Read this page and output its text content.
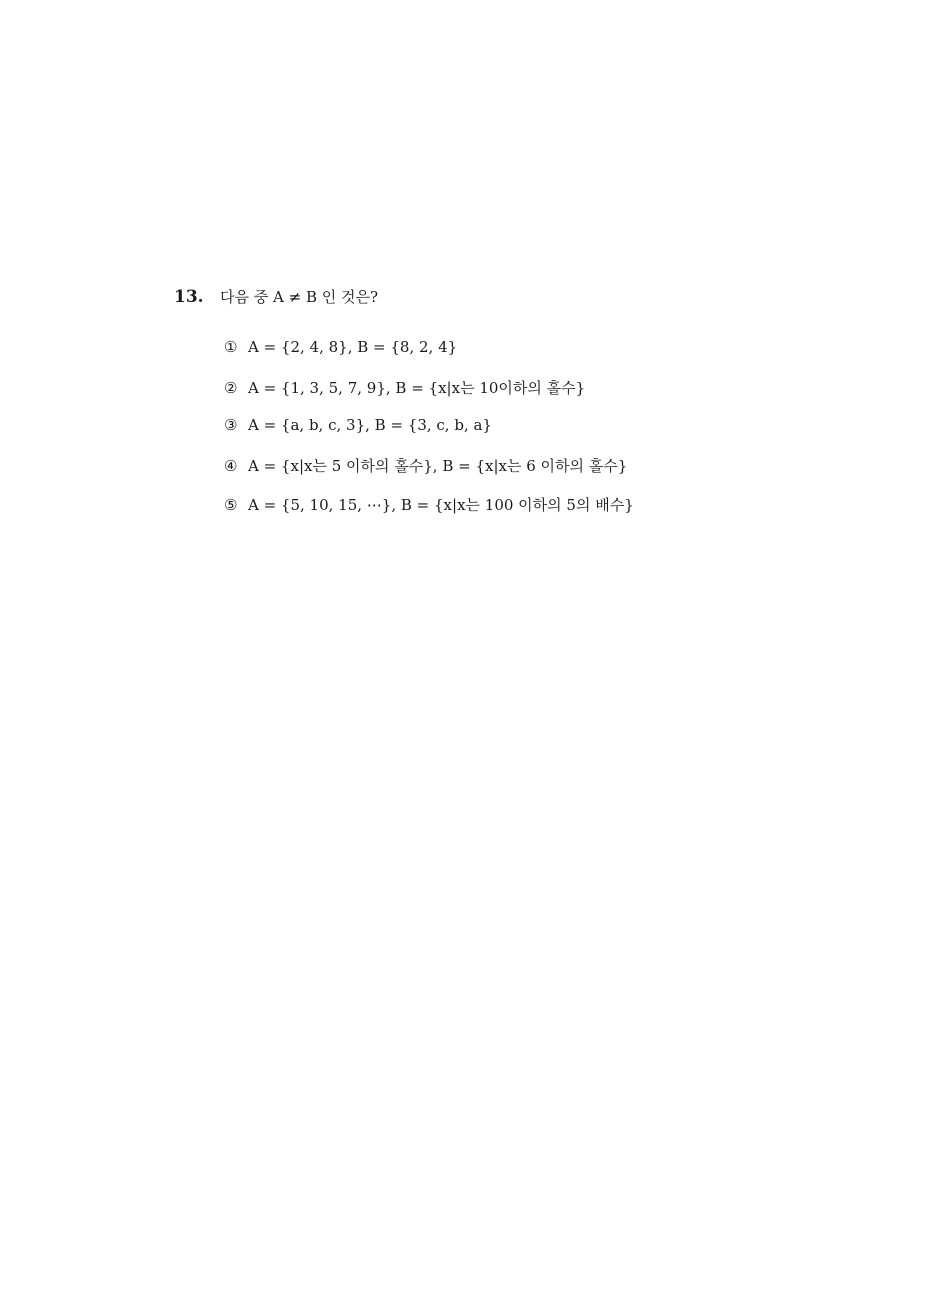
13.	다음 중 A ≠ B 인 것은?
① A = {2, 4, 8}, B = {8, 2, 4}
② A = {1, 3, 5, 7, 9}, B = {x|x는 10이하의 홀수}
③ A = {a, b, c, 3}, B = {3, c, b, a}
④ A = {x|x는 5 이하의 홀수}, B = {x|x는 6 이하의 홀수}
⑤ A = {5, 10, 15, ⋯}, B = {x|x는 100 이하의 5의 배수}
